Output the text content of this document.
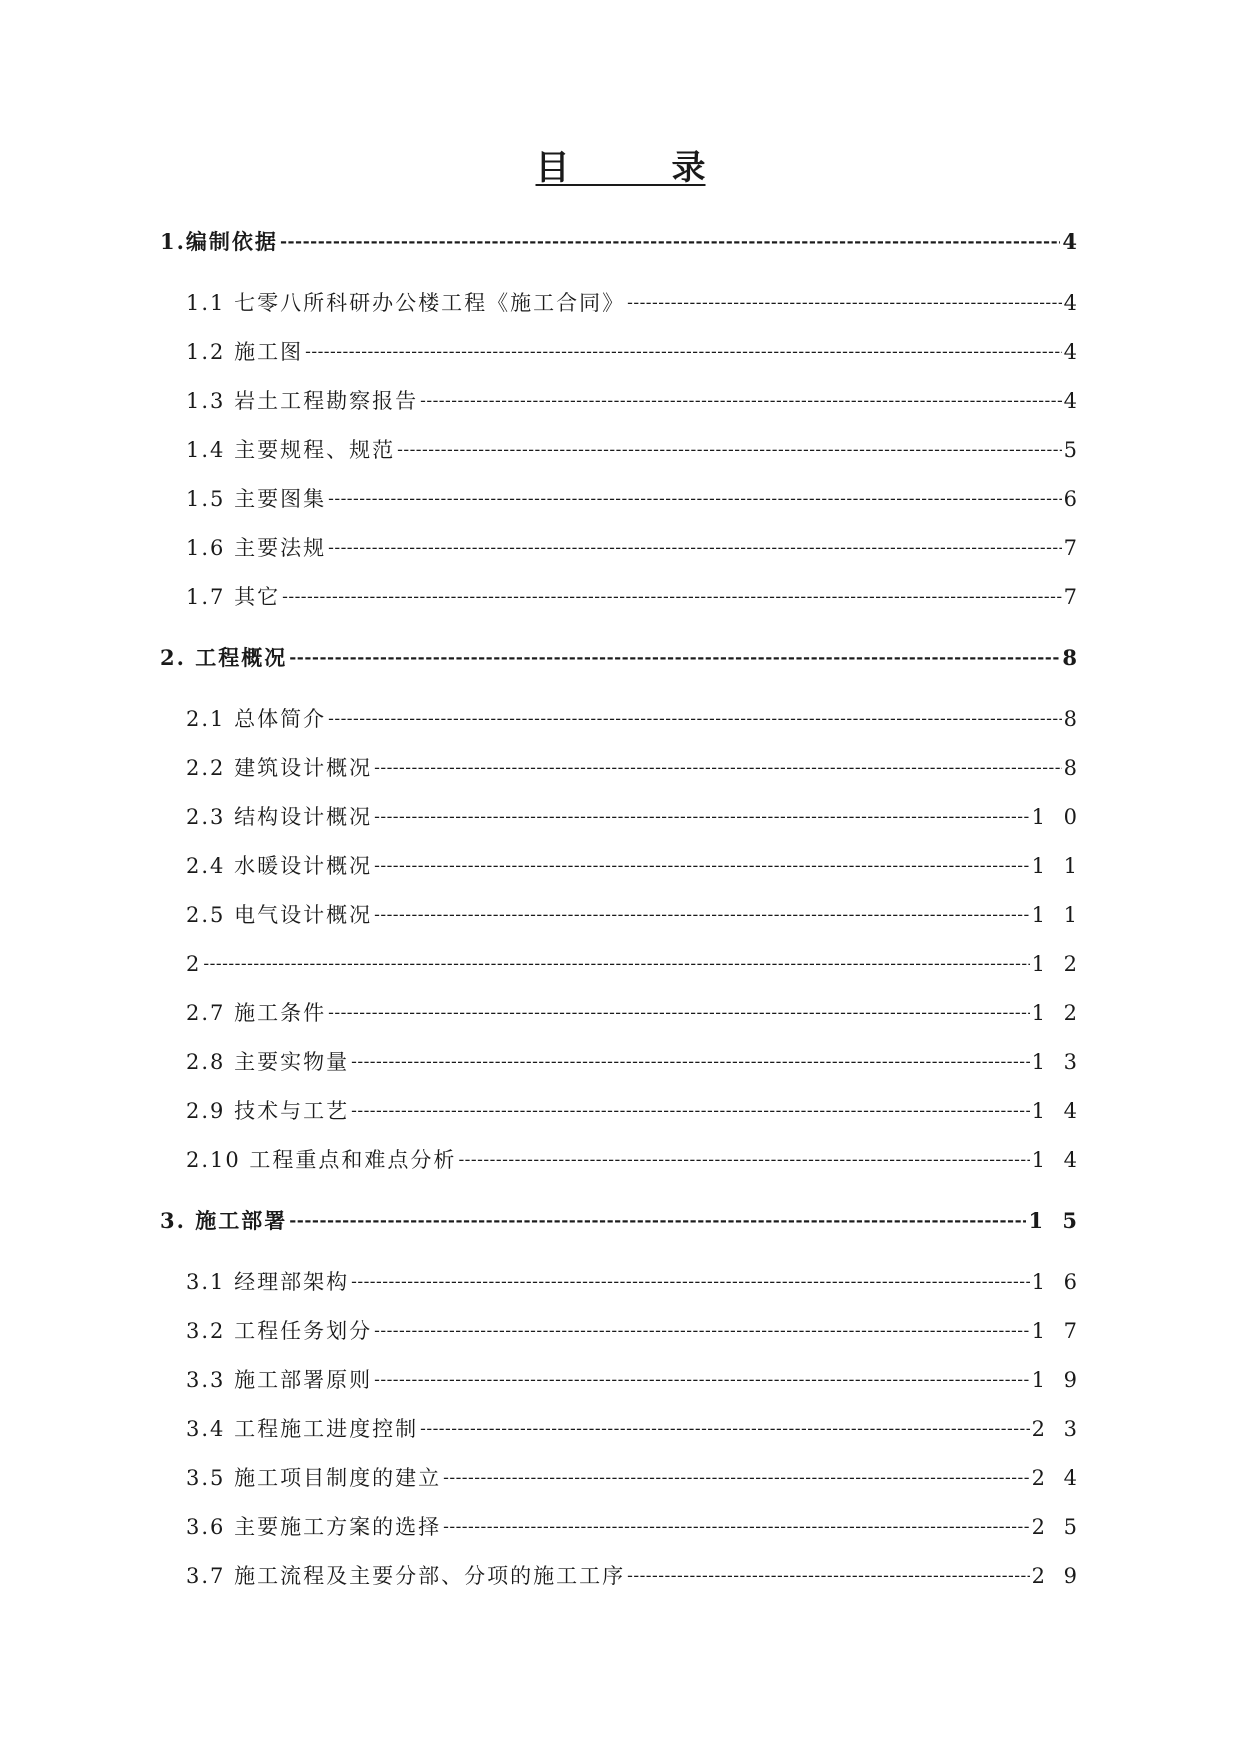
目　　　录
1.编制依据 -----	4
1.1 七零八所科研办公楼工程《施工合同》 -----	4
1.2 施工图 -----	4
1.3 岩土工程勘察报告 -----	4
1.4 主要规程、规范 -----	5
1.5 主要图集 -----	6
1.6 主要法规 -----	7
1.7 其它 -----	7
2. 工程概况 -----	8
2.1 总体简介 -----	8
2.2 建筑设计概况 -----	8
2.3 结构设计概况 -----	1 0
2.4 水暖设计概况 -----	1 1
2.5 电气设计概况 -----	1 1
2 -----	1 2
2.7 施工条件 -----	1 2
2.8 主要实物量 -----	1 3
2.9 技术与工艺 -----	1 4
2.10 工程重点和难点分析 -----	1 4
3. 施工部署 -----	1 5
3.1 经理部架构 -----	1 6
3.2 工程任务划分 -----	1 7
3.3 施工部署原则 -----	1 9
3.4 工程施工进度控制 -----	2 3
3.5 施工项目制度的建立 -----	2 4
3.6 主要施工方案的选择 -----	2 5
3.7 施工流程及主要分部、分项的施工工序 -----	2 9
